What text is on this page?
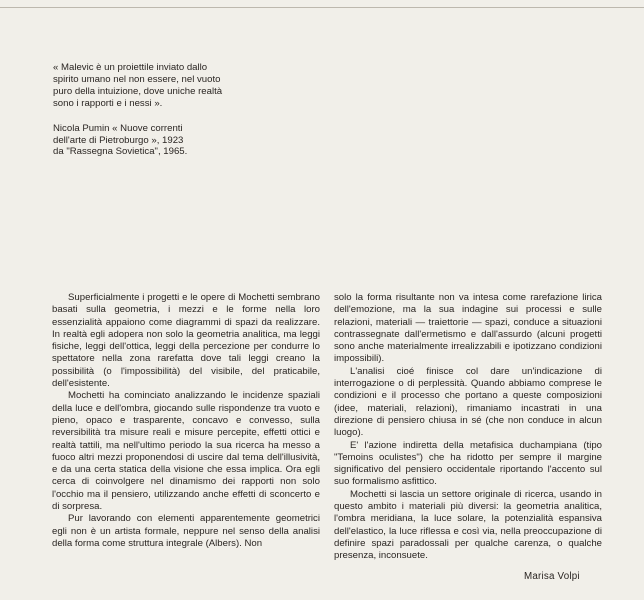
« Malevic è un proiettile inviato dallo
spirito umano nel non essere, nel vuoto
puro della intuizione, dove uniche realtà
sono i rapporti e i nessi ».

Nicola Pumin « Nuove correnti
dell'arte di Pietroburgo », 1923
da "Rassegna Sovietica", 1965.

Superficialmente i progetti e le opere di Mochetti sembrano basati sulla geometria, i mezzi e le forme nella loro essenzialità appaiono come diagrammi di spazi da realizzare. In realtà egli adopera non solo la geometria analitica, ma leggi fisiche, leggi dell'ottica, leggi della percezione per condurre lo spettatore nella zona rarefatta dove tali leggi creano la possibilità (o l'impossibilità) del visibile, del praticabile, dell'esistente.

Mochetti ha cominciato analizzando le incidenze spaziali della luce e dell'ombra, giocando sulle rispondenze tra vuoto e pieno, opaco e trasparente, concavo e convesso, sulla reversibilità tra misure reali e misure percepite, effetti ottici e realtà tattili, ma nell'ultimo periodo la sua ricerca ha messo a fuoco altri mezzi proponendosi di uscire dal tema dell'illusività, e da una certa statica della visione che essa implica. Ora egli cerca di coinvolgere nel dinamismo dei rapporti non solo l'occhio ma il pensiero, utilizzando anche effetti di sconcerto e di sorpresa.

Pur lavorando con elementi apparentemente geometrici egli non è un artista formale, neppure nel senso della analisi della forma come struttura integrale (Albers). Non

solo la forma risultante non va intesa come rarefazione lirica dell'emozione, ma la sua indagine sui processi e sulle relazioni, materiali — traiettorie — spazi, conduce a situazioni contrassegnate dall'ermetismo e dall'assurdo (alcuni progetti sono anche materialmente irrealizzabili e ipotizzano condizioni impossibili).

L'analisi cioé finisce col dare un'indicazione di interrogazione o di perplessità. Quando abbiamo comprese le condizioni e il processo che portano a queste composizioni (idee, materiali, relazioni), rimaniamo incastrati in una direzione di pensiero chiusa in sé (che non conduce in alcun luogo).

E' l'azione indiretta della metafisica duchampiana (tipo "Temoins oculistes") che ha ridotto per sempre il margine significativo del pensiero occidentale riportando l'accento sul suo formalismo asfittico.

Mochetti si lascia un settore originale di ricerca, usando in questo ambito i materiali più diversi: la geometria analitica, l'ombra meridiana, la luce solare, la potenzialità espansiva dell'elastico, la luce riflessa e così via, nella preoccupazione di definire spazi paradossali per qualche carenza, o qualche presenza, inconsuete.

Marisa Volpi
